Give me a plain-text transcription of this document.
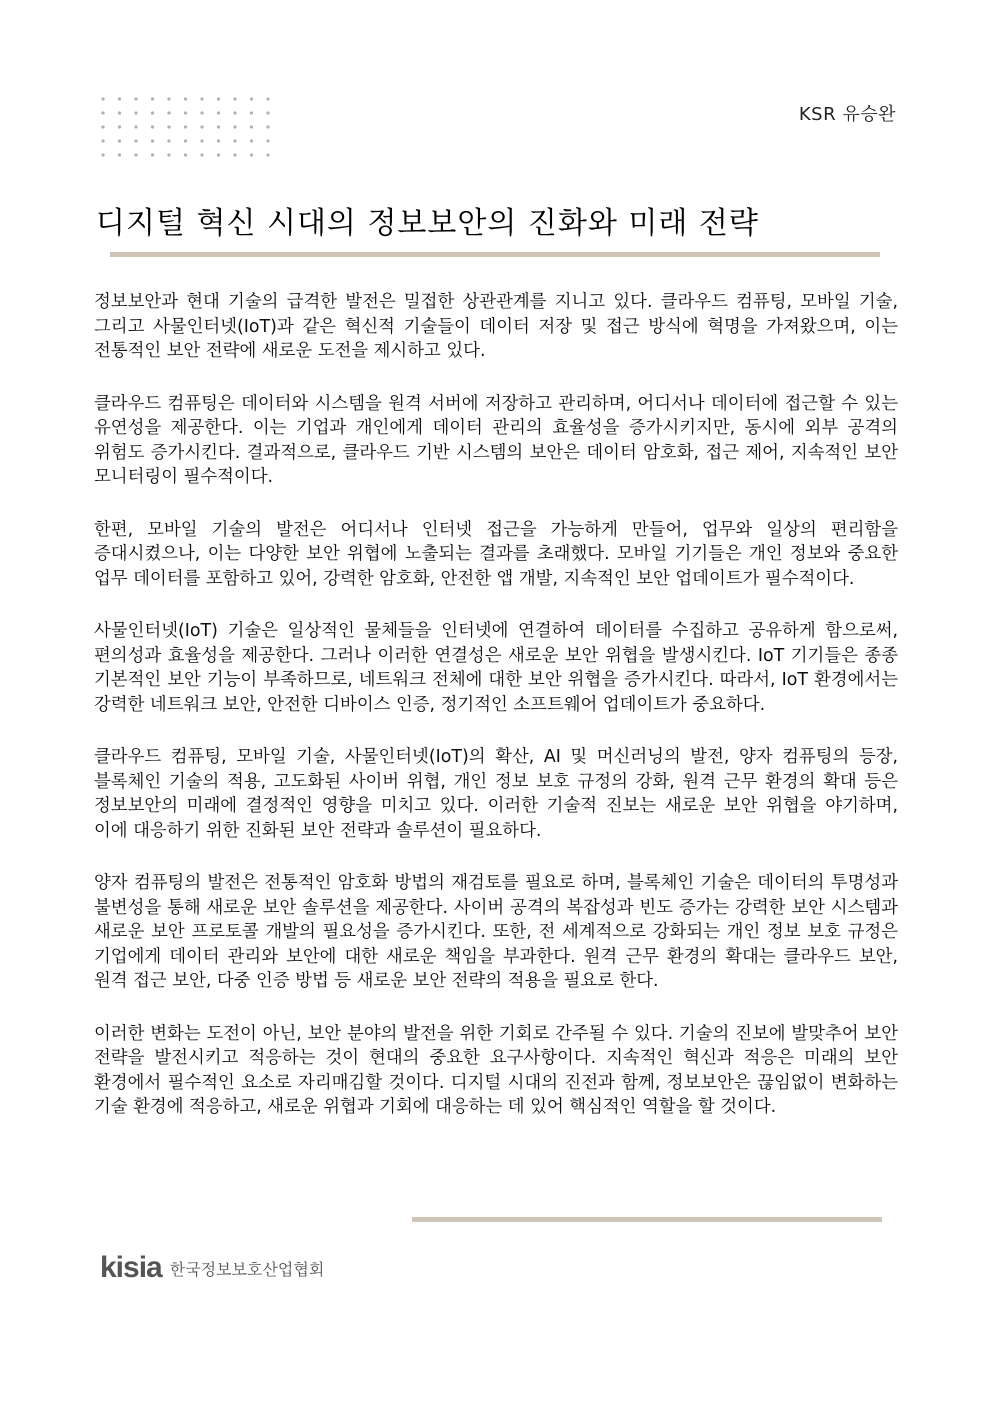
KSR 유승완
디지털 혁신 시대의 정보보안의 진화와 미래 전략

정보보안과 현대 기술의 급격한 발전은 밀접한 상관관계를 지니고 있다. 클라우드 컴퓨팅, 모바일 기술, 그리고 사물인터넷(IoT)과 같은 혁신적 기술들이 데이터 저장 및 접근 방식에 혁명을 가져왔으며, 이는 전통적인 보안 전략에 새로운 도전을 제시하고 있다.

클라우드 컴퓨팅은 데이터와 시스템을 원격 서버에 저장하고 관리하며, 어디서나 데이터에 접근할 수 있는 유연성을 제공한다. 이는 기업과 개인에게 데이터 관리의 효율성을 증가시키지만, 동시에 외부 공격의 위험도 증가시킨다. 결과적으로, 클라우드 기반 시스템의 보안은 데이터 암호화, 접근 제어, 지속적인 보안 모니터링이 필수적이다.

한편, 모바일 기술의 발전은 어디서나 인터넷 접근을 가능하게 만들어, 업무와 일상의 편리함을 증대시켰으나, 이는 다양한 보안 위협에 노출되는 결과를 초래했다. 모바일 기기들은 개인 정보와 중요한 업무 데이터를 포함하고 있어, 강력한 암호화, 안전한 앱 개발, 지속적인 보안 업데이트가 필수적이다.

사물인터넷(IoT) 기술은 일상적인 물체들을 인터넷에 연결하여 데이터를 수집하고 공유하게 함으로써, 편의성과 효율성을 제공한다. 그러나 이러한 연결성은 새로운 보안 위협을 발생시킨다. IoT 기기들은 종종 기본적인 보안 기능이 부족하므로, 네트워크 전체에 대한 보안 위협을 증가시킨다. 따라서, IoT 환경에서는 강력한 네트워크 보안, 안전한 디바이스 인증, 정기적인 소프트웨어 업데이트가 중요하다.

클라우드 컴퓨팅, 모바일 기술, 사물인터넷(IoT)의 확산, AI 및 머신러닝의 발전, 양자 컴퓨팅의 등장, 블록체인 기술의 적용, 고도화된 사이버 위협, 개인 정보 보호 규정의 강화, 원격 근무 환경의 확대 등은 정보보안의 미래에 결정적인 영향을 미치고 있다. 이러한 기술적 진보는 새로운 보안 위협을 야기하며, 이에 대응하기 위한 진화된 보안 전략과 솔루션이 필요하다.

양자 컴퓨팅의 발전은 전통적인 암호화 방법의 재검토를 필요로 하며, 블록체인 기술은 데이터의 투명성과 불변성을 통해 새로운 보안 솔루션을 제공한다. 사이버 공격의 복잡성과 빈도 증가는 강력한 보안 시스템과 새로운 보안 프로토콜 개발의 필요성을 증가시킨다. 또한, 전 세계적으로 강화되는 개인 정보 보호 규정은 기업에게 데이터 관리와 보안에 대한 새로운 책임을 부과한다. 원격 근무 환경의 확대는 클라우드 보안, 원격 접근 보안, 다중 인증 방법 등 새로운 보안 전략의 적용을 필요로 한다.

이러한 변화는 도전이 아닌, 보안 분야의 발전을 위한 기회로 간주될 수 있다. 기술의 진보에 발맞추어 보안 전략을 발전시키고 적응하는 것이 현대의 중요한 요구사항이다. 지속적인 혁신과 적응은 미래의 보안 환경에서 필수적인 요소로 자리매김할 것이다. 디지털 시대의 진전과 함께, 정보보안은 끊임없이 변화하는 기술 환경에 적응하고, 새로운 위협과 기회에 대응하는 데 있어 핵심적인 역할을 할 것이다.

kisia 한국정보보호산업협회
